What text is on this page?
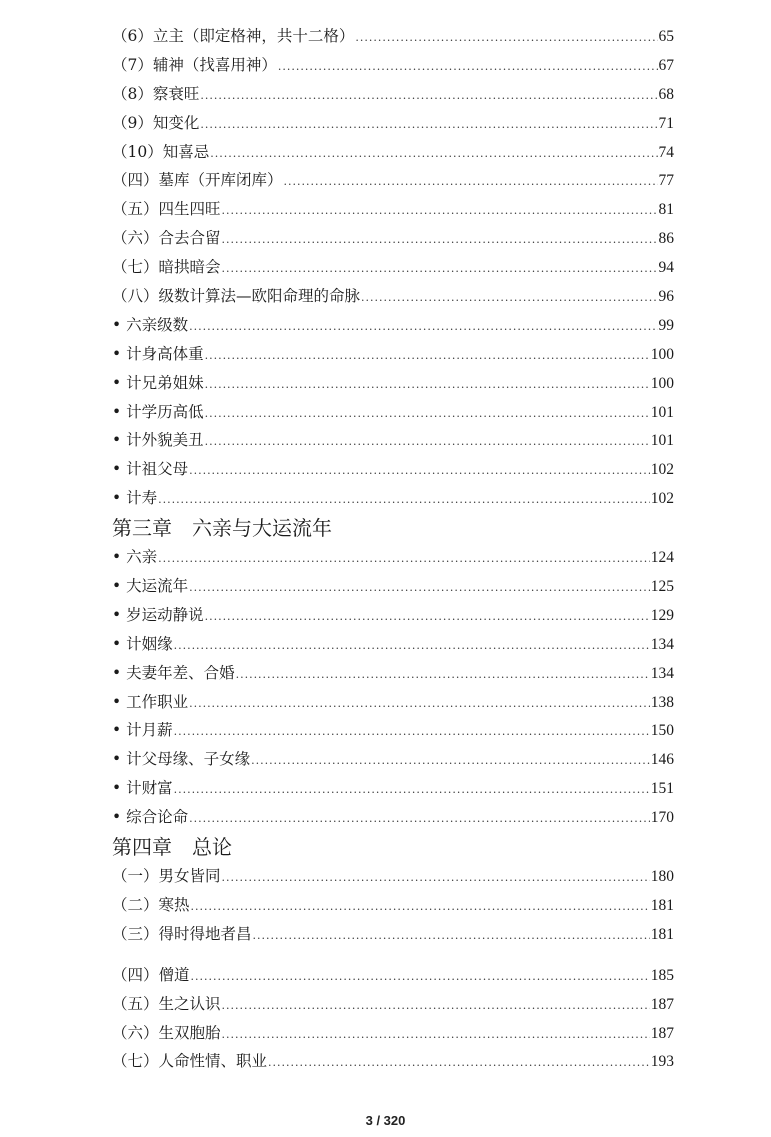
（6）立主（即定格神，共十二格） .....	65
（7）辅神（找喜用神） .....	67
（8）察衰旺 .....	68
（9）知变化 .....	71
（10）知喜忌 .....	74
（四）墓库（开库闭库） .....	77
（五）四生四旺 .....	81
（六）合去合留 .....	86
（七）暗拱暗会 .....	94
（八）级数计算法—欧阳命理的命脉 .....	96
• 六亲级数 .....	99
• 计身高体重 .....	100
• 计兄弟姐妹 .....	100
• 计学历高低 .....	101
• 计外貌美丑 .....	101
• 计祖父母 .....	102
• 计寿 .....	102
第三章　六亲与大运流年
• 六亲 .....	124
• 大运流年 .....	125
• 岁运动静说 .....	129
• 计姻缘 .....	134
• 夫妻年差、合婚 .....	134
• 工作职业 .....	138
• 计月薪 .....	150
• 计父母缘、子女缘 .....	146
• 计财富 .....	151
• 综合论命 .....	170
第四章　总论
（一）男女皆同 .....	180
（二）寒热 .....	181
（三）得时得地者昌 .....	181
（四）僧道 .....	185
（五）生之认识 .....	187
（六）生双胞胎 .....	187
（七）人命性情、职业 .....	193
3 / 320
